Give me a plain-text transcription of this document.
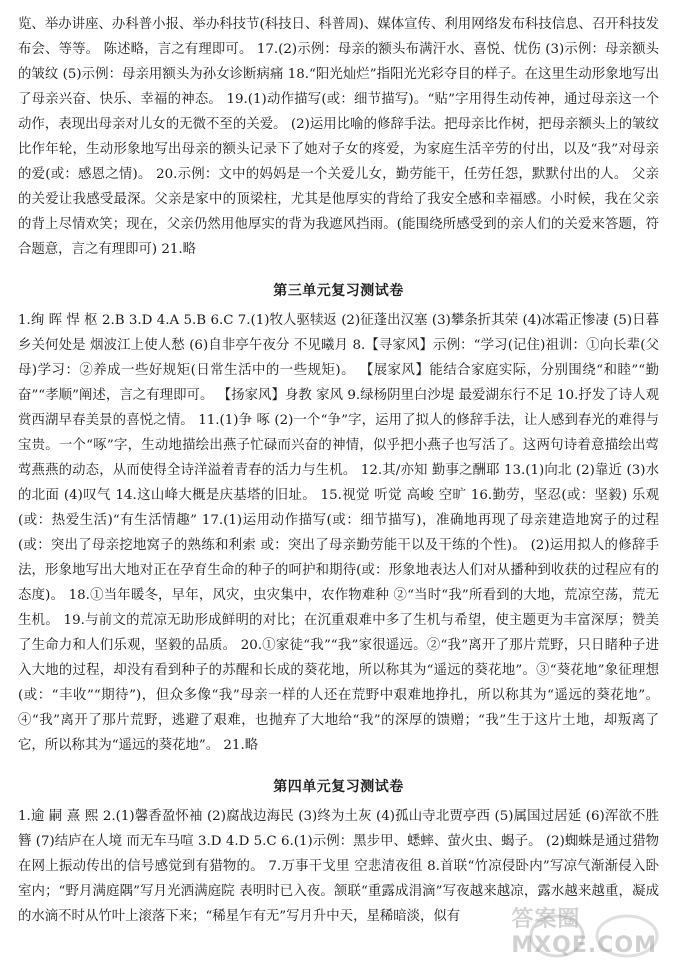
览、举办讲座、办科普小报、举办科技节(科技日、科普周)、媒体宣传、利用网络发布科技信息、召开科技发布会、等等。 陈述略，言之有理即可。 17.(2)示例：母亲的额头布满汗水、喜悦、忧伤 (3)示例：母亲额头的皱纹 (5)示例：母亲用额头为孙女诊断病痛 18.“阳光灿烂”指阳光光彩夺目的样子。在这里生动形象地写出了母亲兴奋、快乐、幸福的神态。 19.(1)动作描写(或：细节描写)。“贴”字用得生动传神，通过母亲这一个动作，表现出母亲对儿女的无微不至的关爱。 (2)运用比喻的修辞手法。把母亲比作树，把母亲额头上的皱纹比作年轮，生动形象地写出母亲的额头记录下了她对子女的疼爱，为家庭生活辛劳的付出，以及“我”对母亲的爱(或：感恩之情)。 20.示例：文中的妈妈是一个关爱儿女，勤劳能干，任劳任怨，默默付出的人。 父亲的关爱让我感受最深。父亲是家中的顶梁柱，尤其是他厚实的背给了我安全感和幸福感。小时候，我在父亲的背上尽情欢笑；现在，父亲仍然用他厚实的背为我遮风挡雨。(能围绕所感受到的亲人们的关爱来答题，符合题意，言之有理即可) 21.略

第三单元复习测试卷

1.绚 晖 悍 枢 2.B 3.D 4.A 5.B 6.C 7.(1)牧人驱犊返 (2)征蓬出汉塞 (3)攀条折其荣 (4)冰霜正惨凄 (5)日暮乡关何处是 烟波江上使人愁 (6)自非亭午夜分 不见曦月 8.【寻家风】示例：“学习(记住)祖训：①向长辈(父母)学习：②养成一些好规矩(日常生活中的一些规矩)。 【展家风】能结合家庭实际，分别围绕“和睦”“勤奋”“孝顺”阐述，言之有理即可。 【扬家风】身教 家风 9.绿杨阴里白沙堤 最爱湖东行不足 10.抒发了诗人观赏西湖早春美景的喜悦之情。 11.(1)争 啄 (2)一个“争”字，运用了拟人的修辞手法，让人感到春光的难得与宝贵。一个“啄”字，生动地描绘出燕子忙碌而兴奋的神情，似乎把小燕子也写活了。这两句诗着意描绘出莺莺燕燕的动态，从而使得全诗洋溢着青春的活力与生机。 12.其/亦知 勤事之酬耶 13.(1)向北 (2)靠近 (3)水的北面 (4)叹气 14.这山峰大概是庆基塔的旧址。 15.视觉 听觉 高峻 空旷 16.勤劳，坚忍(或：坚毅) 乐观(或：热爱生活)“有生活情趣” 17.(1)运用动作描写(或：细节描写)，准确地再现了母亲建造地窝子的过程(或：突出了母亲挖地窝子的熟练和利索 或：突出了母亲勤劳能干以及干练的个性)。 (2)运用拟人的修辞手法，形象地写出大地对正在孕育生命的种子的呵护和期待(或：形象地表达人们对从播种到收获的过程应有的态度)。 18.①当年暖冬，早年，风灾，虫灾集中，农作物难种 ②“当时“我”所看到的大地，荒凉空荡，荒无生机。 19.与前文的荒凉无助形成鲜明的对比；在沉重艰难中多了生机与希望，使主题更为丰富深厚；赞美了生命力和人们乐观，坚毅的品质。 20.①家徒“我”“我”家很遥远。②“我”离开了那片荒野，只日睹种子进入大地的过程，却没有看到种子的苏醒和长成的葵花地，所以称其为“遥远的葵花地”。③“葵花地”象征理想(或：“丰收”“期待”)，但众多像“我”母亲一样的人还在荒野中艰难地挣扎，所以称其为“遥远的葵花地”。④“我”离开了那片荒野，逃避了艰难，也抛弃了大地给“我”的深厚的馈赠；“我”生于这片土地，却叛离了它，所以称其为“遥远的葵花地”。 21.略

第四单元复习测试卷

1.逾 嗣 熹 熙 2.(1)馨香盈怀袖 (2)腐战边海民 (3)终为土灰 (4)孤山寺北贾亭西 (5)属国过居延 (6)浑欲不胜簪 (7)结庐在人境 而无车马喧 3.D 4.D 5.C 6.(1)示例：黑步甲、蟋蟀、萤火虫、蝎子。 (2)蜘蛛是通过猎物在网上振动传出的信号感觉到有猎物的。 7.万事干戈里 空悲清夜徂 8.首联“竹凉侵卧内”写凉气渐渐侵入卧室内；“野月满庭隅”写月光洒满庭院 表明时已入夜。颔联“重露成涓滴”写夜越来越凉，露水越来越重，凝成的水滴不时从竹叶上滚落下来；“稀星乍有无”写月升中天，星稀暗淡，似有	答案圈 MXQE.COM
